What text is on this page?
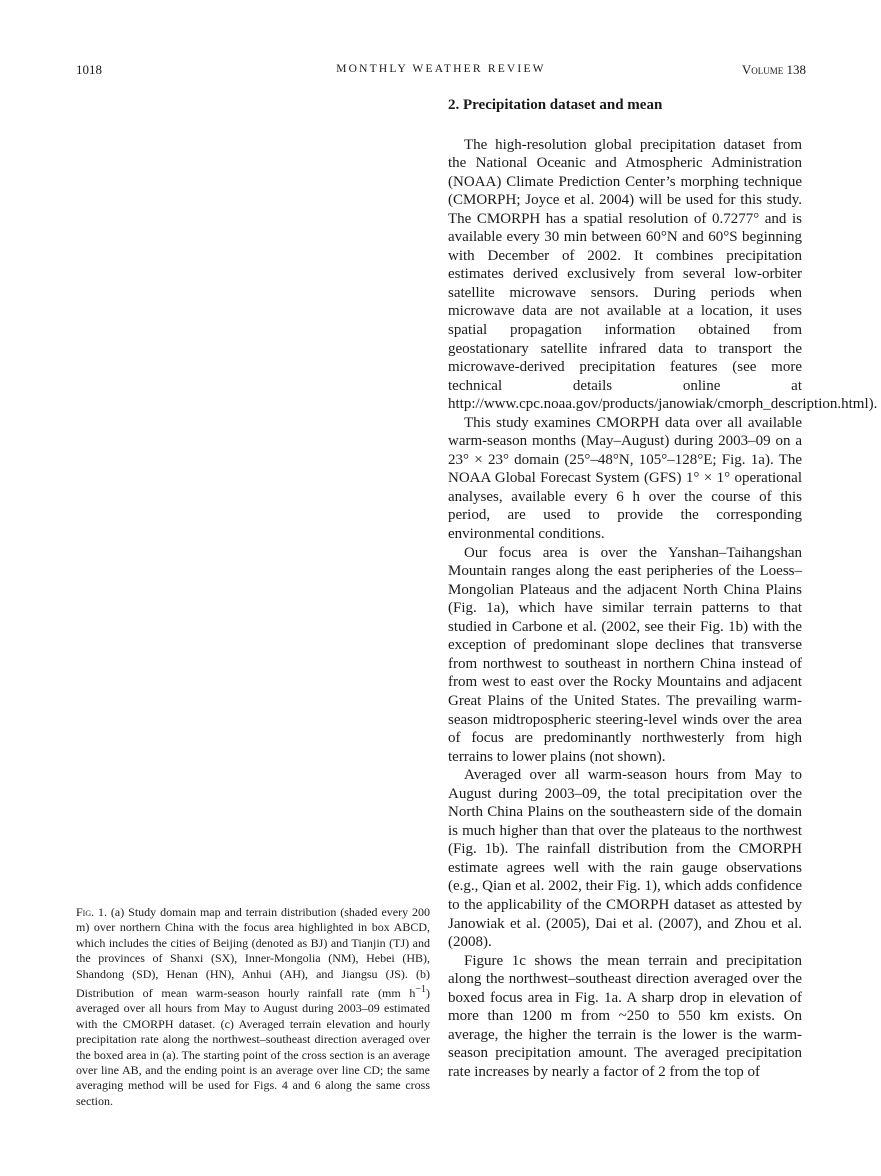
1018	MONTHLY WEATHER REVIEW	Volume 138
2. Precipitation dataset and mean

The high-resolution global precipitation dataset from the National Oceanic and Atmospheric Administration (NOAA) Climate Prediction Center’s morphing technique (CMORPH; Joyce et al. 2004) will be used for this study. The CMORPH has a spatial resolution of 0.7277° and is available every 30 min between 60°N and 60°S beginning with December of 2002. It combines precipitation estimates derived exclusively from several low-orbiter satellite microwave sensors. During periods when microwave data are not available at a location, it uses spatial propagation information obtained from geostationary satellite infrared data to transport the microwave-derived precipitation features (see more technical details online at http://www.cpc.noaa.gov/products/janowiak/cmorph_description.html).

This study examines CMORPH data over all available warm-season months (May–August) during 2003–09 on a 23° × 23° domain (25°–48°N, 105°–128°E; Fig. 1a). The NOAA Global Forecast System (GFS) 1° × 1° operational analyses, available every 6 h over the course of this period, are used to provide the corresponding environmental conditions.

Our focus area is over the Yanshan–Taihangshan Mountain ranges along the east peripheries of the Loess–Mongolian Plateaus and the adjacent North China Plains (Fig. 1a), which have similar terrain patterns to that studied in Carbone et al. (2002, see their Fig. 1b) with the exception of predominant slope declines that transverse from northwest to southeast in northern China instead of from west to east over the Rocky Mountains and adjacent Great Plains of the United States. The prevailing warm-season midtropospheric steering-level winds over the area of focus are predominantly northwesterly from high terrains to lower plains (not shown).

Averaged over all warm-season hours from May to August during 2003–09, the total precipitation over the North China Plains on the southeastern side of the domain is much higher than that over the plateaus to the northwest (Fig. 1b). The rainfall distribution from the CMORPH estimate agrees well with the rain gauge observations (e.g., Qian et al. 2002, their Fig. 1), which adds confidence to the applicability of the CMORPH dataset as attested by Janowiak et al. (2005), Dai et al. (2007), and Zhou et al. (2008).

Figure 1c shows the mean terrain and precipitation along the northwest–southeast direction averaged over the boxed focus area in Fig. 1a. A sharp drop in elevation of more than 1200 m from ~250 to 550 km exists. On average, the higher the terrain is the lower is the warm-season precipitation amount. The averaged precipitation rate increases by nearly a factor of 2 from the top of

Fig. 1. (a) Study domain map and terrain distribution (shaded every 200 m) over northern China with the focus area highlighted in box ABCD, which includes the cities of Beijing (denoted as BJ) and Tianjin (TJ) and the provinces of Shanxi (SX), Inner-Mongolia (NM), Hebei (HB), Shandong (SD), Henan (HN), Anhui (AH), and Jiangsu (JS). (b) Distribution of mean warm-season hourly rainfall rate (mm $h^{-1}$) averaged over all hours from May to August during 2003–09 estimated with the CMORPH dataset. (c) Averaged terrain elevation and hourly precipitation rate along the northwest–southeast direction averaged over the boxed area in (a). The starting point of the cross section is an average over line AB, and the ending point is an average over line CD; the same averaging method will be used for Figs. 4 and 6 along the same cross section.
